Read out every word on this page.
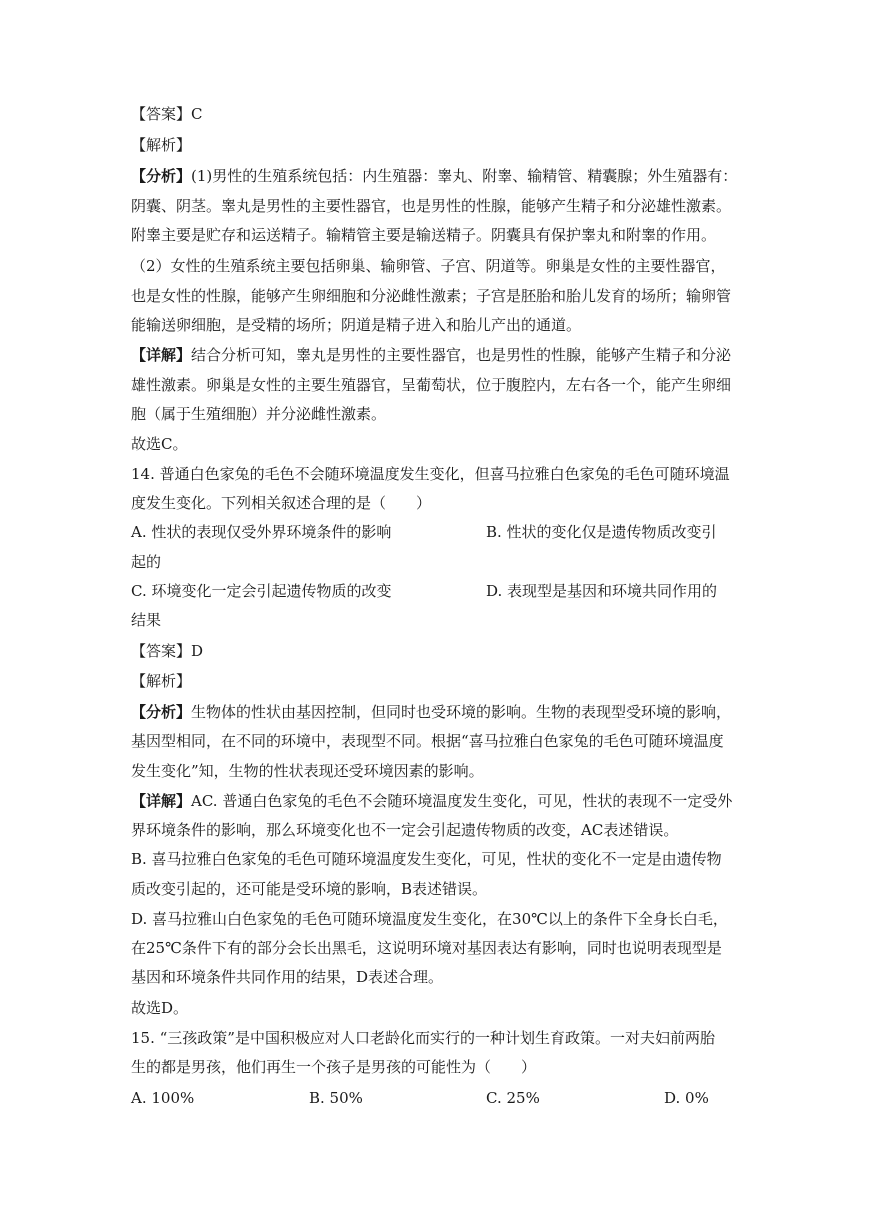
【答案】C
【解析】
【分析】(1)男性的生殖系统包括：内生殖器：睾丸、附睾、输精管、精囊腺；外生殖器有：
阴囊、阴茎。睾丸是男性的主要性器官，也是男性的性腺，能够产生精子和分泌雄性激素。
附睾主要是贮存和运送精子。输精管主要是输送精子。阴囊具有保护睾丸和附睾的作用。
（2）女性的生殖系统主要包括卵巢、输卵管、子宫、阴道等。卵巢是女性的主要性器官，
也是女性的性腺，能够产生卵细胞和分泌雌性激素；子宫是胚胎和胎儿发育的场所；输卵管
能输送卵细胞，是受精的场所；阴道是精子进入和胎儿产出的通道。
【详解】结合分析可知，睾丸是男性的主要性器官，也是男性的性腺，能够产生精子和分泌
雄性激素。卵巢是女性的主要生殖器官，呈葡萄状，位于腹腔内，左右各一个，能产生卵细
胞（属于生殖细胞）并分泌雌性激素。
故选C。
14. 普通白色家兔的毛色不会随环境温度发生变化，但喜马拉雅白色家兔的毛色可随环境温
度发生变化。下列相关叙述合理的是（　　）
A. 性状的表现仅受外界环境条件的影响	B. 性状的变化仅是遗传物质改变引
起的
C. 环境变化一定会引起遗传物质的改变	D. 表现型是基因和环境共同作用的
结果
【答案】D
【解析】
【分析】生物体的性状由基因控制，但同时也受环境的影响。生物的表现型受环境的影响，
基因型相同，在不同的环境中，表现型不同。根据“喜马拉雅白色家兔的毛色可随环境温度
发生变化”知，生物的性状表现还受环境因素的影响。
【详解】AC. 普通白色家兔的毛色不会随环境温度发生变化，可见，性状的表现不一定受外
界环境条件的影响，那么环境变化也不一定会引起遗传物质的改变，AC表述错误。
B. 喜马拉雅白色家兔的毛色可随环境温度发生变化，可见，性状的变化不一定是由遗传物
质改变引起的，还可能是受环境的影响，B表述错误。
D. 喜马拉雅山白色家兔的毛色可随环境温度发生变化，在30℃以上的条件下全身长白毛，
在25℃条件下有的部分会长出黑毛，这说明环境对基因表达有影响，同时也说明表现型是
基因和环境条件共同作用的结果，D表述合理。
故选D。
15. “三孩政策”是中国积极应对人口老龄化而实行的一种计划生育政策。一对夫妇前两胎
生的都是男孩，他们再生一个孩子是男孩的可能性为（　　）
A. 100%	B. 50%	C. 25%	D. 0%
